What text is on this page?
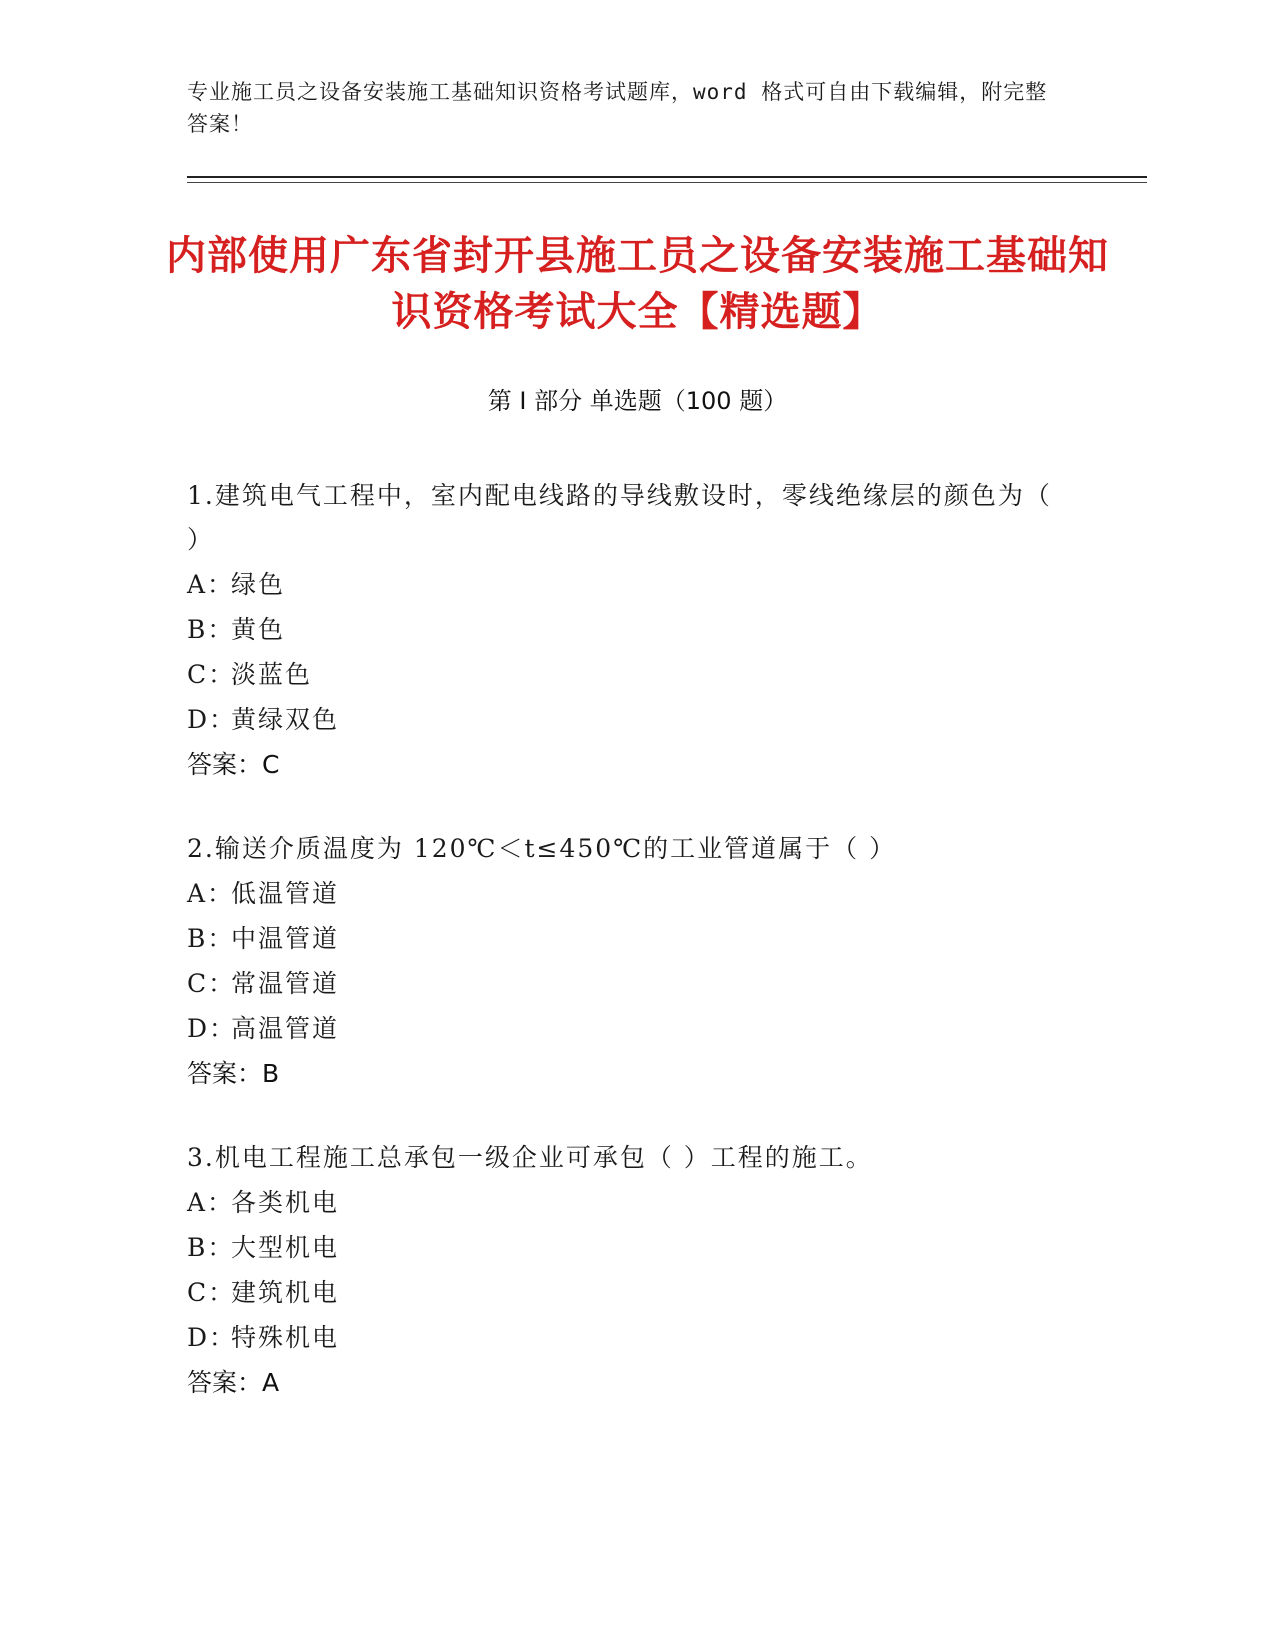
专业施工员之设备安装施工基础知识资格考试题库，word 格式可自由下载编辑，附完整答案！
内部使用广东省封开县施工员之设备安装施工基础知识资格考试大全【精选题】
第 I 部分 单选题（100 题）

1.建筑电气工程中，室内配电线路的导线敷设时，零线绝缘层的颜色为（ ）

A：绿色

B：黄色

C：淡蓝色

D：黄绿双色

答案：C

2.输送介质温度为 120℃＜t≤450℃的工业管道属于（ ）

A：低温管道

B：中温管道

C：常温管道

D：高温管道

答案：B

3.机电工程施工总承包一级企业可承包（ ）工程的施工。

A：各类机电

B：大型机电

C：建筑机电

D：特殊机电

答案：A
